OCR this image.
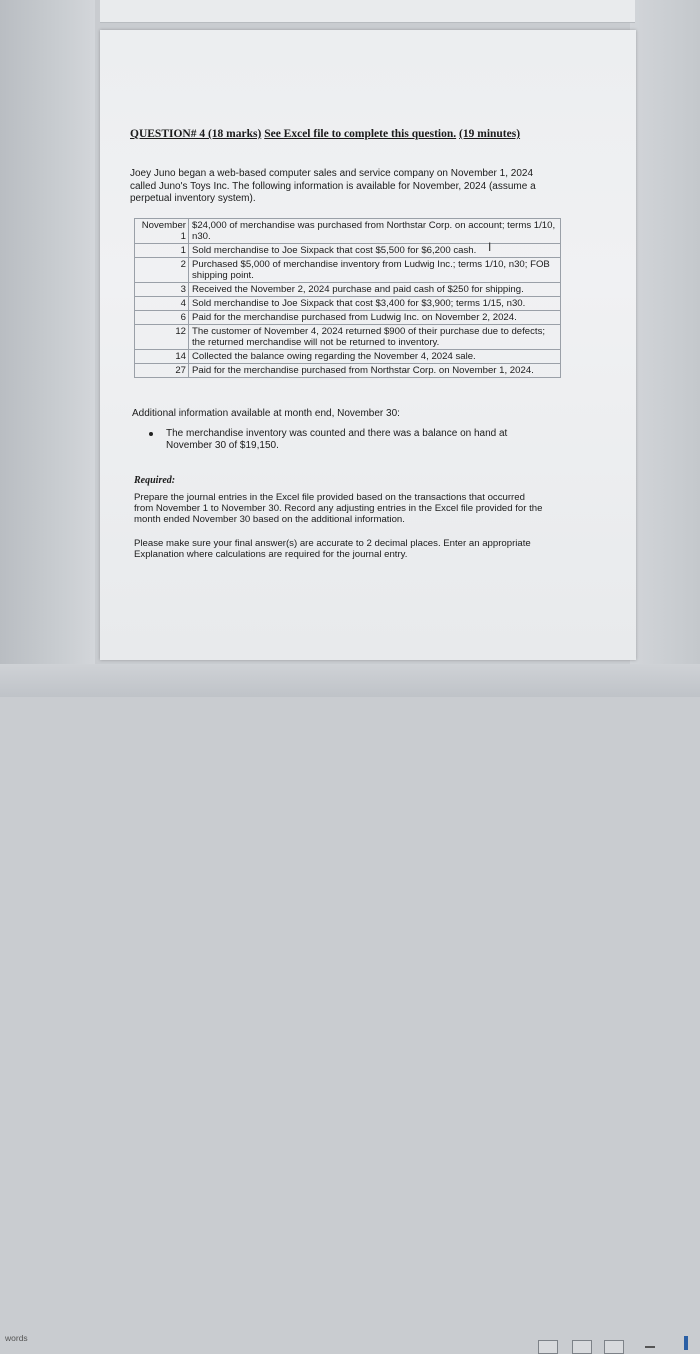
QUESTION# 4 (18 marks) See Excel file to complete this question. (19 minutes)
Joey Juno began a web-based computer sales and service company on November 1, 2024 called Juno's Toys Inc. The following information is available for November, 2024 (assume a perpetual inventory system).
November 1	$24,000 of merchandise was purchased from Northstar Corp. on account; terms 1/10, n30.
1	Sold merchandise to Joe Sixpack that cost $5,500 for $6,200 cash.
2	Purchased $5,000 of merchandise inventory from Ludwig Inc.; terms 1/10, n30; FOB shipping point.
3	Received the November 2, 2024 purchase and paid cash of $250 for shipping.
4	Sold merchandise to Joe Sixpack that cost $3,400 for $3,900; terms 1/15, n30.
6	Paid for the merchandise purchased from Ludwig Inc. on November 2, 2024.
12	The customer of November 4, 2024 returned $900 of their purchase due to defects; the returned merchandise will not be returned to inventory.
14	Collected the balance owing regarding the November 4, 2024 sale.
27	Paid for the merchandise purchased from Northstar Corp. on November 1, 2024.
I
Additional information available at month end, November 30:
The merchandise inventory was counted and there was a balance on hand at November 30 of $19,150.
Required:
Prepare the journal entries in the Excel file provided based on the transactions that occurred from November 1 to November 30. Record any adjusting entries in the Excel file provided for the month ended November 30 based on the additional information.
Please make sure your final answer(s) are accurate to 2 decimal places. Enter an appropriate Explanation where calculations are required for the journal entry.
words
